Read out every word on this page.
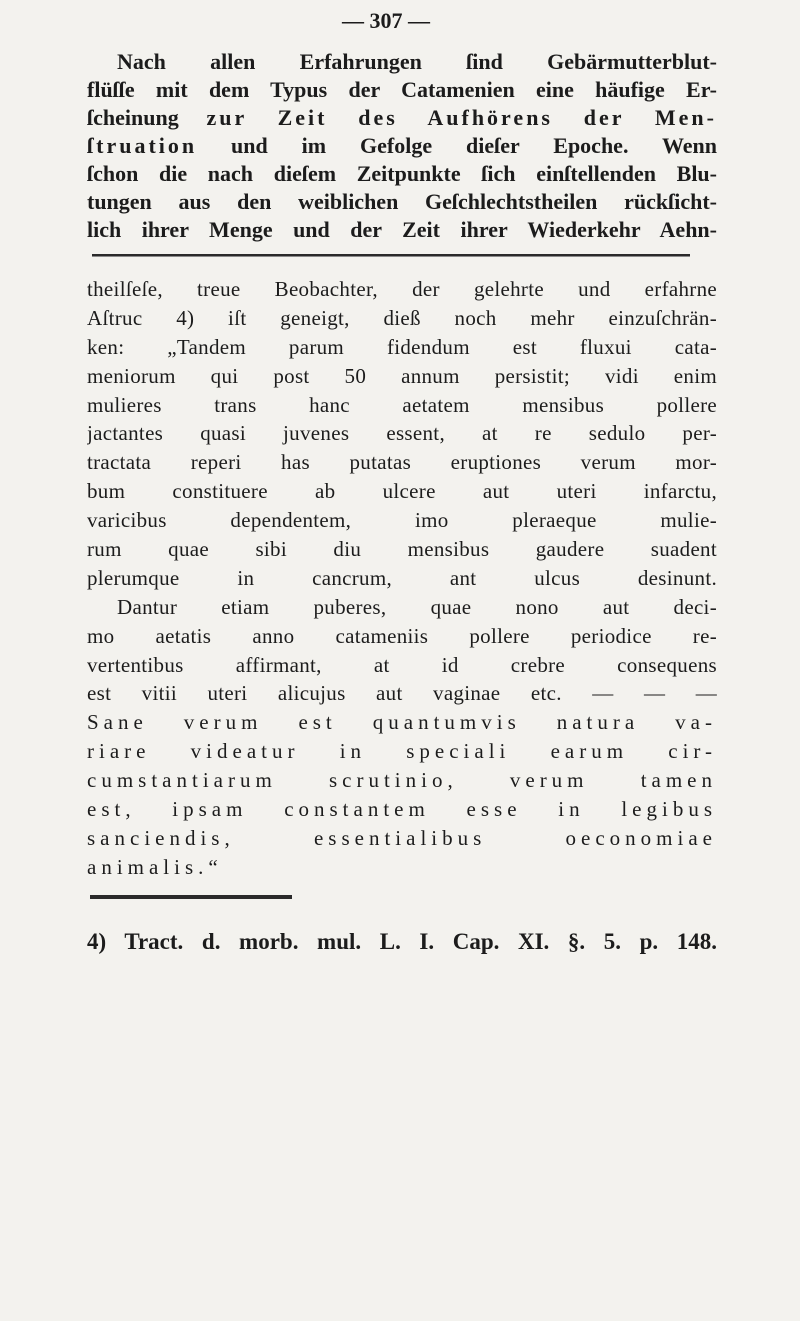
— 307 —
Nach allen Erfahrungen ſind Gebärmutterblut-
flüſſe mit dem Typus der Catamenien eine häufige Er-
ſcheinung zur Zeit des Aufhörens der Men-
ſtruation und im Gefolge dieſer Epoche. Wenn
ſchon die nach dieſem Zeitpunkte ſich einſtellenden Blu-
tungen aus den weiblichen Geſchlechtstheilen rückſicht-
lich ihrer Menge und der Zeit ihrer Wiederkehr Aehn-
theilſeſe, treue Beobachter, der gelehrte und erfahrne
Aſtruc 4) iſt geneigt, dieß noch mehr einzuſchrän-
ken: „Tandem parum fidendum est fluxui cata-
meniorum qui post 50 annum persistit; vidi enim
mulieres trans hanc aetatem mensibus pollere
jactantes quasi juvenes essent, at re sedulo per-
tractata reperi has putatas eruptiones verum mor-
bum constituere ab ulcere aut uteri infarctu,
varicibus dependentem, imo pleraeque mulie-
rum quae sibi diu mensibus gaudere suadent
plerumque in cancrum, ant ulcus desinunt.
Dantur etiam puberes, quae nono aut deci-
mo aetatis anno catameniis pollere periodice re-
vertentibus affirmant, at id crebre consequens
est vitii uteri alicujus aut vaginae etc. — — —
Sane verum est quantumvis natura va-
riare videatur in speciali earum cir-
cumstantiarum scrutinio, verum tamen
est, ipsam constantem esse in legibus
sanciendis, essentialibus oeconomiae
animalis.“
4) Tract. d. morb. mul. L. I. Cap. XI. §. 5. p. 148.
